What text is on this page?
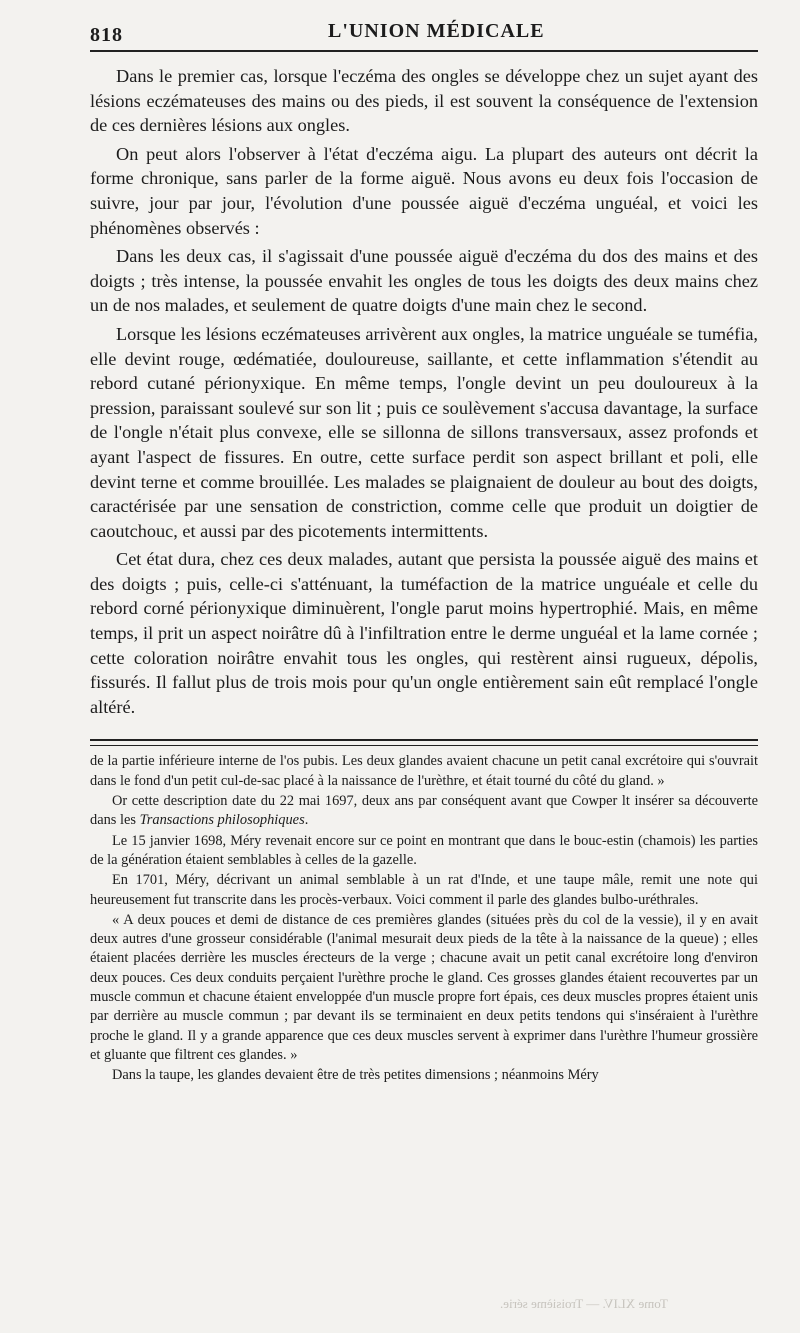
818	L'UNION MÉDICALE

Dans le premier cas, lorsque l'eczéma des ongles se développe chez un sujet ayant des lésions eczémateuses des mains ou des pieds, il est souvent la conséquence de l'extension de ces dernières lésions aux ongles.

On peut alors l'observer à l'état d'eczéma aigu. La plupart des auteurs ont décrit la forme chronique, sans parler de la forme aiguë. Nous avons eu deux fois l'occasion de suivre, jour par jour, l'évolution d'une poussée aiguë d'eczéma unguéal, et voici les phénomènes observés :

Dans les deux cas, il s'agissait d'une poussée aiguë d'eczéma du dos des mains et des doigts ; très intense, la poussée envahit les ongles de tous les doigts des deux mains chez un de nos malades, et seulement de quatre doigts d'une main chez le second.

Lorsque les lésions eczémateuses arrivèrent aux ongles, la matrice unguéale se tuméfia, elle devint rouge, œdématiée, douloureuse, saillante, et cette inflammation s'étendit au rebord cutané périonyxique. En même temps, l'ongle devint un peu douloureux à la pression, paraissant soulevé sur son lit ; puis ce soulèvement s'accusa davantage, la surface de l'ongle n'était plus convexe, elle se sillonna de sillons transversaux, assez profonds et ayant l'aspect de fissures. En outre, cette surface perdit son aspect brillant et poli, elle devint terne et comme brouillée. Les malades se plaignaient de douleur au bout des doigts, caractérisée par une sensation de constriction, comme celle que produit un doigtier de caoutchouc, et aussi par des picotements intermittents.

Cet état dura, chez ces deux malades, autant que persista la poussée aiguë des mains et des doigts ; puis, celle-ci s'atténuant, la tuméfaction de la matrice unguéale et celle du rebord corné périonyxique diminuèrent, l'ongle parut moins hypertrophié. Mais, en même temps, il prit un aspect noirâtre dû à l'infiltration entre le derme unguéal et la lame cornée ; cette coloration noirâtre envahit tous les ongles, qui restèrent ainsi rugueux, dépolis, fissurés. Il fallut plus de trois mois pour qu'un ongle entièrement sain eût remplacé l'ongle altéré.

de la partie inférieure interne de l'os pubis. Les deux glandes avaient chacune un petit canal excrétoire qui s'ouvrait dans le fond d'un petit cul-de-sac placé à la naissance de l'urèthre, et était tourné du côté du gland. »

Or cette description date du 22 mai 1697, deux ans par conséquent avant que Cowper lt insérer sa découverte dans les Transactions philosophiques.

Le 15 janvier 1698, Méry revenait encore sur ce point en montrant que dans le bouc-estin (chamois) les parties de la génération étaient semblables à celles de la gazelle.

En 1701, Méry, décrivant un animal semblable à un rat d'Inde, et une taupe mâle, remit une note qui heureusement fut transcrite dans les procès-verbaux. Voici comment il parle des glandes bulbo-uréthrales.

« A deux pouces et demi de distance de ces premières glandes (situées près du col de la vessie), il y en avait deux autres d'une grosseur considérable (l'animal mesurait deux pieds de la tête à la naissance de la queue) ; elles étaient placées derrière les muscles érecteurs de la verge ; chacune avait un petit canal excrétoire long d'environ deux pouces. Ces deux conduits perçaient l'urèthre proche le gland. Ces grosses glandes étaient recouvertes par un muscle commun et chacune étaient enveloppée d'un muscle propre fort épais, ces deux muscles propres étaient unis par derrière au muscle commun ; par devant ils se terminaient en deux petits tendons qui s'inséraient à l'urèthre proche le gland. Il y a grande apparence que ces deux muscles servent à exprimer dans l'urèthre l'humeur grossière et gluante que filtrent ces glandes. »

Dans la taupe, les glandes devaient être de très petites dimensions ; néanmoins Méry

Tome XLIV. — Troisième série.
